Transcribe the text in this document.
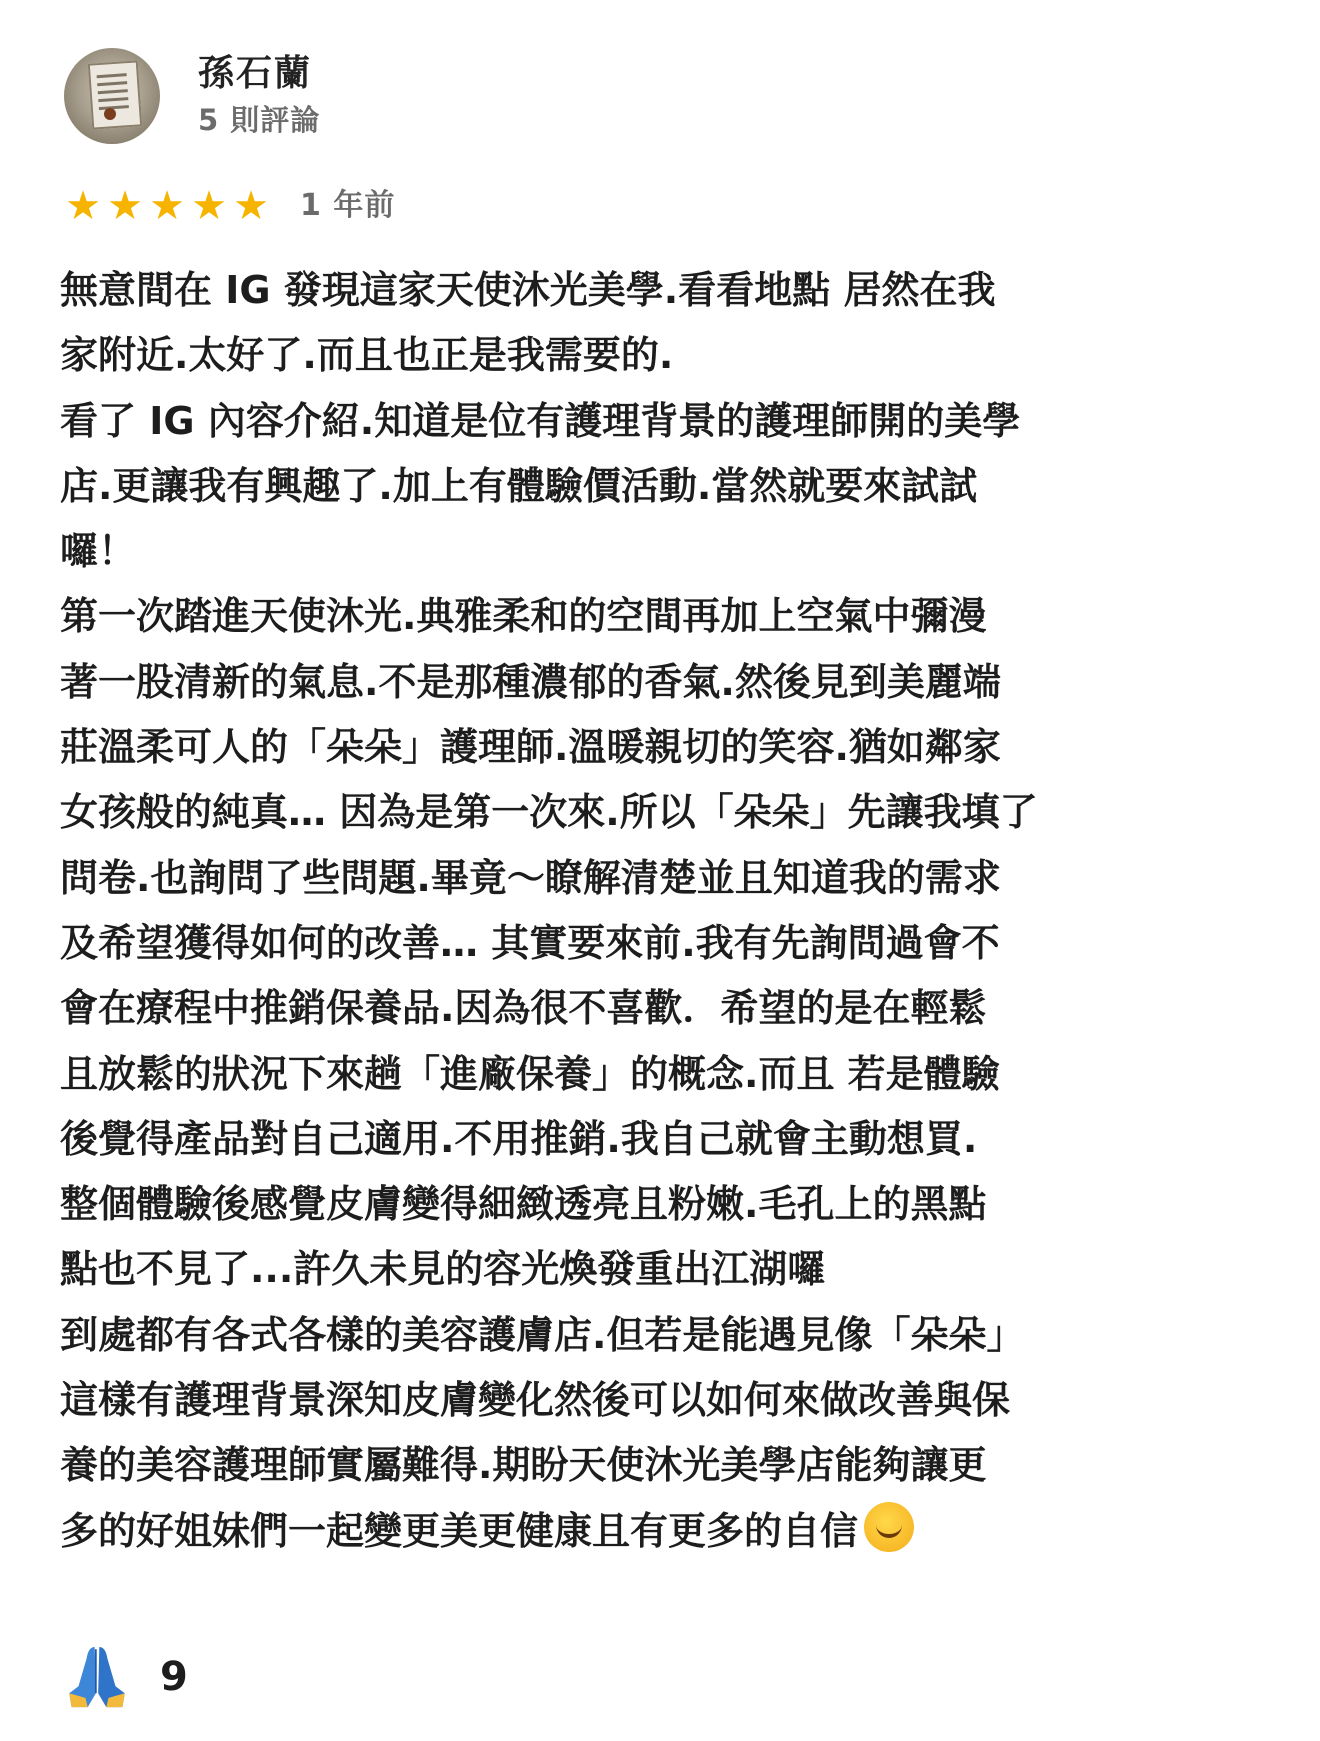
孫石蘭
5 則評論
★ ★ ★ ★ ★ 1 年前
無意間在 IG 發現這家天使沐光美學.看看地點 居然在我
家附近.太好了.而且也正是我需要的.
看了 IG 內容介紹.知道是位有護理背景的護理師開的美學
店.更讓我有興趣了.加上有體驗價活動.當然就要來試試
囉！
第一次踏進天使沐光.典雅柔和的空間再加上空氣中彌漫
著一股清新的氣息.不是那種濃郁的香氣.然後見到美麗端
莊溫柔可人的「朵朵」護理師.溫暖親切的笑容.猶如鄰家
女孩般的純真… 因為是第一次來.所以「朵朵」先讓我填了
問卷.也詢問了些問題.畢竟～瞭解清楚並且知道我的需求
及希望獲得如何的改善… 其實要來前.我有先詢問過會不
會在療程中推銷保養品.因為很不喜歡．希望的是在輕鬆
且放鬆的狀況下來趟「進廠保養」的概念.而且 若是體驗
後覺得產品對自己適用.不用推銷.我自己就會主動想買.
整個體驗後感覺皮膚變得細緻透亮且粉嫩.毛孔上的黑點
點也不見了...許久未見的容光煥發重出江湖囉
到處都有各式各樣的美容護膚店.但若是能遇見像「朵朵」
這樣有護理背景深知皮膚變化然後可以如何來做改善與保
養的美容護理師實屬難得.期盼天使沐光美學店能夠讓更
多的好姐妹們一起變更美更健康且有更多的自信
9
